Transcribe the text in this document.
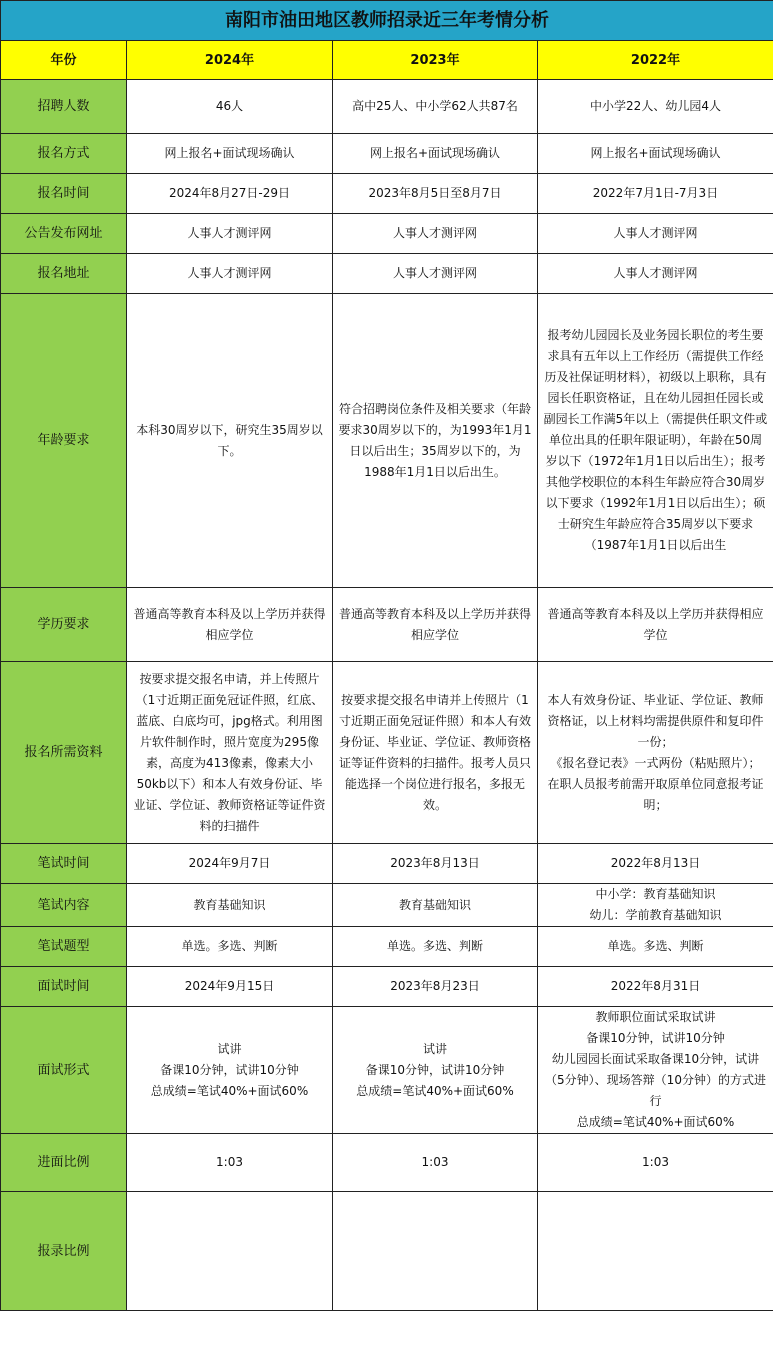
南阳市油田地区教师招录近三年考情分析			
年份	2024年	2023年	2022年
招聘人数	46人	高中25人、中小学62人共87名	中小学22人、幼儿园4人
报名方式	网上报名+面试现场确认	网上报名+面试现场确认	网上报名+面试现场确认
报名时间	2024年8月27日-29日	2023年8月5日至8月7日	2022年7月1日-7月3日
公告发布网址	人事人才测评网	人事人才测评网	人事人才测评网
报名地址	人事人才测评网	人事人才测评网	人事人才测评网
年龄要求	本科30周岁以下，研究生35周岁以下。	符合招聘岗位条件及相关要求（年龄要求30周岁以下的，为1993年1月1日以后出生；35周岁以下的，为1988年1月1日以后出生。	报考幼儿园园长及业务园长职位的考生要求具有五年以上工作经历（需提供工作经历及社保证明材料），初级以上职称，具有园长任职资格证，且在幼儿园担任园长或副园长工作满5年以上（需提供任职文件或单位出具的任职年限证明），年龄在50周岁以下（1972年1月1日以后出生）；报考其他学校职位的本科生年龄应符合30周岁以下要求（1992年1月1日以后出生）；硕士研究生年龄应符合35周岁以下要求（1987年1月1日以后出生
学历要求	普通高等教育本科及以上学历并获得相应学位	普通高等教育本科及以上学历并获得相应学位	普通高等教育本科及以上学历并获得相应学位
报名所需资料	按要求提交报名申请，并上传照片（1寸近期正面免冠证件照，红底、蓝底、白底均可，jpg格式。利用图片软件制作时，照片宽度为295像素，高度为413像素，像素大小50kb以下）和本人有效身份证、毕业证、学位证、教师资格证等证件资料的扫描件	按要求提交报名申请并上传照片（1寸近期正面免冠证件照）和本人有效身份证、毕业证、学位证、教师资格证等证件资料的扫描件。报考人员只能选择一个岗位进行报名，多报无效。	本人有效身份证、毕业证、学位证、教师资格证，以上材料均需提供原件和复印件一份；
《报名登记表》一式两份（粘贴照片）；
在职人员报考前需开取原单位同意报考证明；
笔试时间	2024年9月7日	2023年8月13日	2022年8月13日
笔试内容	教育基础知识	教育基础知识	中小学：教育基础知识
幼儿：学前教育基础知识
笔试题型	单选。多选、判断	单选。多选、判断	单选。多选、判断
面试时间	2024年9月15日	2023年8月23日	2022年8月31日
面试形式	试讲
备课10分钟，试讲10分钟
总成绩=笔试40%+面试60%	试讲
备课10分钟，试讲10分钟
总成绩=笔试40%+面试60%	教师职位面试采取试讲
备课10分钟，试讲10分钟
幼儿园园长面试采取备课10分钟，试讲（5分钟）、现场答辩（10分钟）的方式进行
总成绩=笔试40%+面试60%
进面比例	1:03	1:03	1:03
报录比例			
